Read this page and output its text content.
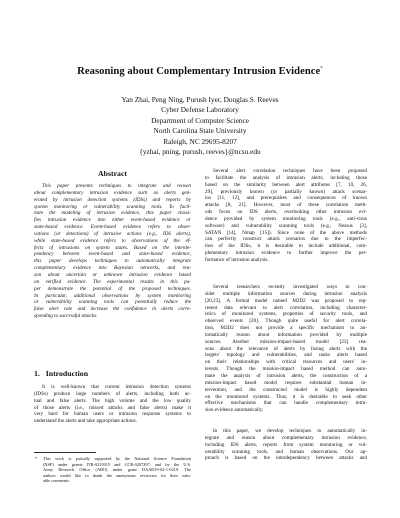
Reasoning about Complementary Intrusion Evidence*
Yan Zhai, Peng Ning, Purush Iyer, Douglas S. Reeves
Cyber Defense Laboratory
Department of Computer Science
North Carolina State University
Raleigh, NC 29695-8207
{yzhai, pning, purush, reeves}@ncsu.edu
Abstract
This paper presents techniques to integrate and reason
about complementary intrusion evidence such as alerts gen-
erated by intrusion detection systems (IDSs) and reports by
system monitoring or vulnerability scanning tools. To facil-
itate the modeling of intrusion evidence, this paper classi-
fies intrusion evidence into either event-based evidence or
state-based evidence. Event-based evidence refers to obser-
vations (or detections) of intrusive actions (e.g., IDS alerts),
while state-based evidence refers to observations of the ef-
fects of intrusions on system states. Based on the interde-
pendency between event-based and state-based evidence,
this paper develops techniques to automatically integrate
complementary evidence into Bayesian networks, and rea-
son about uncertain or unknown intrusion evidence based
on verified evidence. The experimental results in this pa-
per demonstrate the potential of the proposed techniques.
In particular, additional observations by system monitoring
or vulnerability scanning tools can potentially reduce the
false alert rate and increase the confidence in alerts corre-
sponding to successful attacks.
1. Introduction
It is well-known that current intrusion detection systems
(IDSs) produce large numbers of alerts, including both ac-
tual and false alerts. The high volume and the low quality
of those alerts (i.e., missed attacks and false alerts) make it
very hard for human users or intrusion response systems to
understand the alerts and take appropriate actions.
* This work is partially supported by the National Science Foundation
(NSF) under grants ITR-0219315 and CCR-0207297, and by the U.S.
Army Research Office (ARO) under grant DAAD19-02-1-0219. The
authors would like to thank the anonymous reviewers for their valu-
able comments.
Several alert correlation techniques have been proposed
to facilitate the analysis of intrusion alerts, including those
based on the similarity between alert attributes [7, 10, 26,
29], previously known (or partially known) attack scenar-
ios [11, 12], and prerequisites and consequences of known
attacks [8, 21]. However, most of these correlation meth-
ods focus on IDS alerts, overlooking other intrusion evi-
dence provided by system monitoring tools (e.g., anti-virus
software) and vulnerability scanning tools (e.g., Nessus [3],
SATAN [14], Nmap [15]). Since none of the above methods
can perfectly construct attack scenarios due to the imperfec-
tion of the IDSs, it is desirable to include additional, com-
plementary intrusion evidence to further improve the per-
formance of intrusion analysis.
Several researchers recently investigated ways to con-
sider multiple information sources during intrusion analysis
[20,23]. A formal model named M2D2 was proposed to rep-
resent data relevant to alert correlation, including character-
istics of monitored systems, properties of security tools, and
observed events [20]. Though quite useful for alert correla-
tion, M2D2 does not provide a specific mechanism to au-
tomatically reason about information provided by multiple
sources. Another mission-impact-based model [23] rea-
sons about the relevance of alerts by fusing alerts with the
targets' topology and vulnerabilities, and ranks alerts based
on their relationships with critical resources and users' in-
terests. Though the mission-impact based method can auto-
mate the analysis of intrusion alerts, the construction of a
mission-impact based model requires substantial human in-
tervention, and the constructed model is highly dependent
on the monitored systems. Thus, it is desirable to seek other
effective mechanisms that can handle complementary intru-
sion evidence automatically.
In this paper, we develop techniques to automatically in-
tegrate and reason about complementary intrusion evidence,
including IDS alerts, reports from system monitoring or vul-
nerability scanning tools, and human observations. Our ap-
proach is based on the interdependency between attacks and
